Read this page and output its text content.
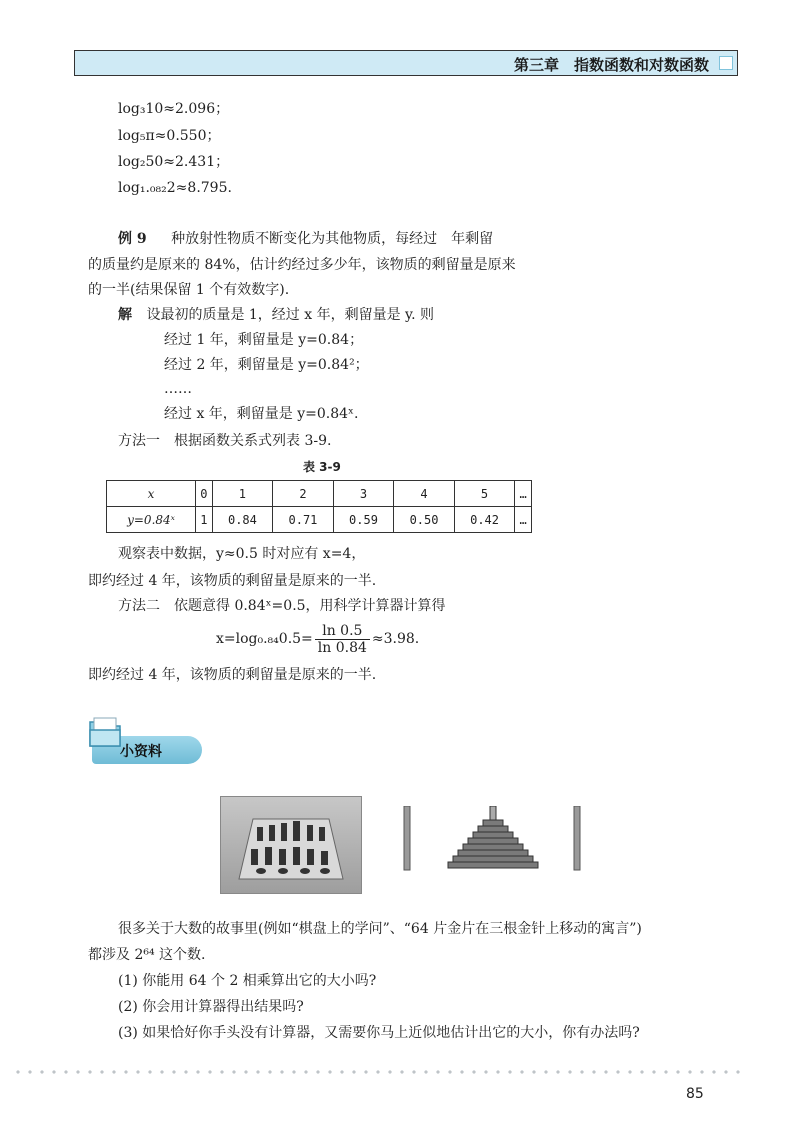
第三章　指数函数和对数函数
log₃10≈2.096；
log₅π≈0.550；
log₂50≈2.431；
log₁.₀₈₂2≈8.795.
例 9 种放射性物质不断变化为其他物质，每经过　年剩留
的质量约是原来的 84%，估计约经过多少年，该物质的剩留量是原来
的一半(结果保留 1 个有效数字).
解 设最初的质量是 1，经过 x 年，剩留量是 y. 则
经过 1 年，剩留量是 y=0.84；
经过 2 年，剩留量是 y=0.84²；
……
经过 x 年，剩留量是 y=0.84ˣ.
方法一　根据函数关系式列表 3-9.
表 3-9
x	0	1	2	3	4	5	…
y=0.84ˣ	1	0.84	0.71	0.59	0.50	0.42	…
观察表中数据，y≈0.5 时对应有 x=4，
即约经过 4 年，该物质的剩留量是原来的一半.
方法二　依题意得 0.84ˣ=0.5，用科学计算器计算得
$x=\log_0._{84}0.5= \frac{\ln 0.5}{\ln 0.84} \approx 3.98$.
即约经过 4 年，该物质的剩留量是原来的一半.
小资料
很多关于大数的故事里(例如“棋盘上的学问”、“64 片金片在三根金针上移动的寓言”)
都涉及 2⁶⁴ 这个数.
(1) 你能用 64 个 2 相乘算出它的大小吗?
(2) 你会用计算器得出结果吗?
(3) 如果恰好你手头没有计算器，又需要你马上近似地估计出它的大小，你有办法吗?
85
